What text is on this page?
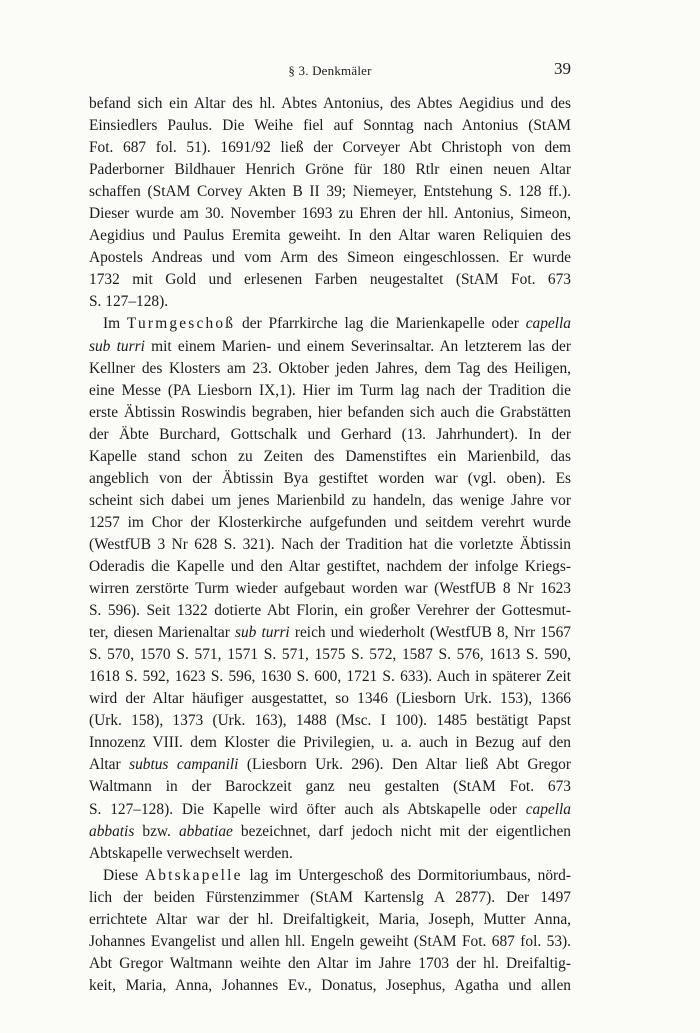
§ 3. Denkmäler	39
befand sich ein Altar des hl. Abtes Antonius, des Abtes Aegidius und des
Einsiedlers Paulus. Die Weihe fiel auf Sonntag nach Antonius (StAM
Fot. 687 fol. 51). 1691/92 ließ der Corveyer Abt Christoph von dem
Paderborner Bildhauer Henrich Gröne für 180 Rtlr einen neuen Altar
schaffen (StAM Corvey Akten B II 39; Niemeyer, Entstehung S. 128 ff.).
Dieser wurde am 30. November 1693 zu Ehren der hll. Antonius, Simeon,
Aegidius und Paulus Eremita geweiht. In den Altar waren Reliquien des
Apostels Andreas und vom Arm des Simeon eingeschlossen. Er wurde
1732 mit Gold und erlesenen Farben neugestaltet (StAM Fot. 673
S. 127–128).
Im Turmgeschoß der Pfarrkirche lag die Marienkapelle oder capella
sub turri mit einem Marien- und einem Severinsaltar. An letzterem las der
Kellner des Klosters am 23. Oktober jeden Jahres, dem Tag des Heiligen,
eine Messe (PA Liesborn IX,1). Hier im Turm lag nach der Tradition die
erste Äbtissin Roswindis begraben, hier befanden sich auch die Grabstätten
der Äbte Burchard, Gottschalk und Gerhard (13. Jahrhundert). In der
Kapelle stand schon zu Zeiten des Damenstiftes ein Marienbild, das
angeblich von der Äbtissin Bya gestiftet worden war (vgl. oben). Es
scheint sich dabei um jenes Marienbild zu handeln, das wenige Jahre vor
1257 im Chor der Klosterkirche aufgefunden und seitdem verehrt wurde
(WestfUB 3 Nr 628 S. 321). Nach der Tradition hat die vorletzte Äbtissin
Oderadis die Kapelle und den Altar gestiftet, nachdem der infolge Kriegs-
wirren zerstörte Turm wieder aufgebaut worden war (WestfUB 8 Nr 1623
S. 596). Seit 1322 dotierte Abt Florin, ein großer Verehrer der Gottesmut-
ter, diesen Marienaltar sub turri reich und wiederholt (WestfUB 8, Nrr 1567
S. 570, 1570 S. 571, 1571 S. 571, 1575 S. 572, 1587 S. 576, 1613 S. 590,
1618 S. 592, 1623 S. 596, 1630 S. 600, 1721 S. 633). Auch in späterer Zeit
wird der Altar häufiger ausgestattet, so 1346 (Liesborn Urk. 153), 1366
(Urk. 158), 1373 (Urk. 163), 1488 (Msc. I 100). 1485 bestätigt Papst
Innozenz VIII. dem Kloster die Privilegien, u. a. auch in Bezug auf den
Altar subtus campanili (Liesborn Urk. 296). Den Altar ließ Abt Gregor
Waltmann in der Barockzeit ganz neu gestalten (StAM Fot. 673
S. 127–128). Die Kapelle wird öfter auch als Abtskapelle oder capella
abbatis bzw. abbatiae bezeichnet, darf jedoch nicht mit der eigentlichen
Abtskapelle verwechselt werden.
Diese Abtskapelle lag im Untergeschoß des Dormitoriumbaus, nörd-
lich der beiden Fürstenzimmer (StAM Kartenslg A 2877). Der 1497
errichtete Altar war der hl. Dreifaltigkeit, Maria, Joseph, Mutter Anna,
Johannes Evangelist und allen hll. Engeln geweiht (StAM Fot. 687 fol. 53).
Abt Gregor Waltmann weihte den Altar im Jahre 1703 der hl. Dreifaltig-
keit, Maria, Anna, Johannes Ev., Donatus, Josephus, Agatha und allen
